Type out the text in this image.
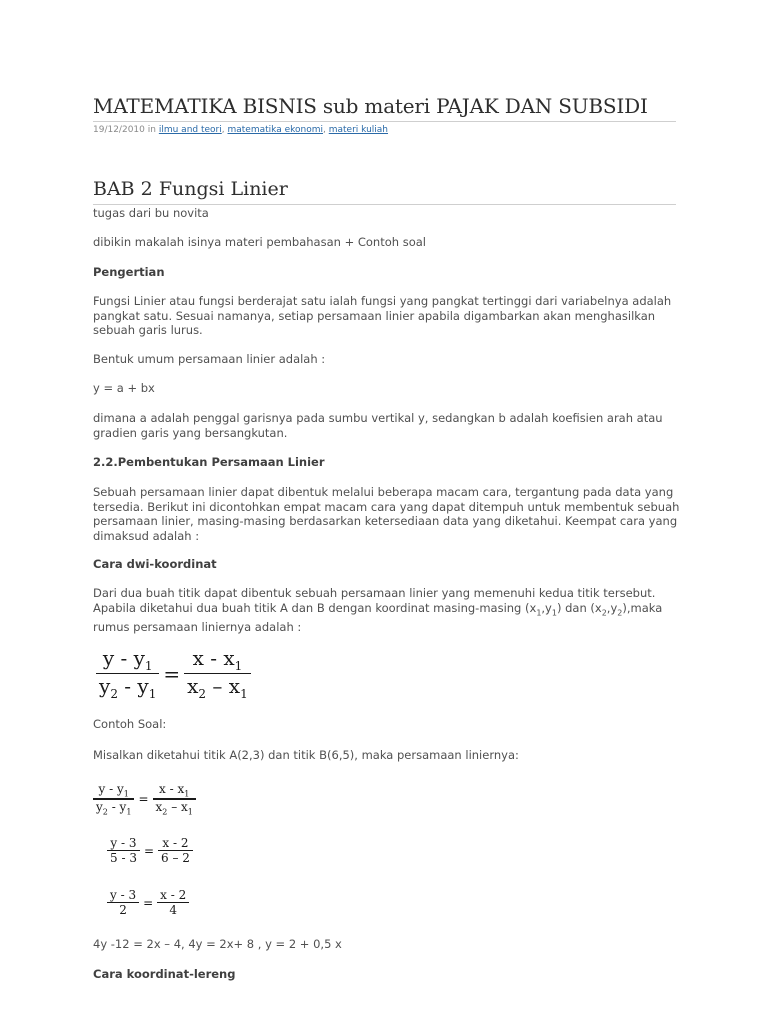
MATEMATIKA BISNIS sub materi PAJAK DAN SUBSIDI
19/12/2010 in ilmu and teori, matematika ekonomi, materi kuliah
BAB 2 Fungsi Linier
tugas dari bu novita
dibikin makalah isinya materi pembahasan + Contoh soal
Pengertian
Fungsi Linier atau fungsi berderajat satu ialah fungsi yang pangkat tertinggi dari variabelnya adalah pangkat satu. Sesuai namanya, setiap persamaan linier apabila digambarkan akan menghasilkan sebuah garis lurus.
Bentuk umum persamaan linier adalah :
y = a + bx
dimana a adalah penggal garisnya pada sumbu vertikal y, sedangkan b adalah koefisien arah atau gradien garis yang bersangkutan.
2.2.Pembentukan Persamaan Linier
Sebuah persamaan linier dapat dibentuk melalui beberapa macam cara, tergantung pada data yang tersedia. Berikut ini dicontohkan empat macam cara yang dapat ditempuh untuk membentuk sebuah persamaan linier, masing-masing berdasarkan ketersediaan data yang diketahui. Keempat cara yang dimaksud adalah :
Cara dwi-koordinat
Dari dua buah titik dapat dibentuk sebuah persamaan linier yang memenuhi kedua titik tersebut. Apabila diketahui dua buah titik A dan B dengan koordinat masing-masing $(x_1,y_1)$ dan $(x_2,y_2),maka$ rumus persamaan liniernya adalah :
$\frac{y - y_1}{y_2 - y_1} = \frac{x - x_1}{x_2 - x_1}$
Contoh Soal:
Misalkan diketahui titik A(2,3) dan titik B(6,5), maka persamaan liniernya:
$\frac{y - y_1}{y_2 - y_1} = \frac{x - x_1}{x_2 - x_1}$
$\frac{y - 3}{5 - 3} = \frac{x - 2}{6 - 2}$
$\frac{y - 3}{2} = \frac{x - 2}{4}$
4y -12 = 2x – 4, 4y = 2x+ 8 , y = 2 + 0,5 x
Cara koordinat-lereng
